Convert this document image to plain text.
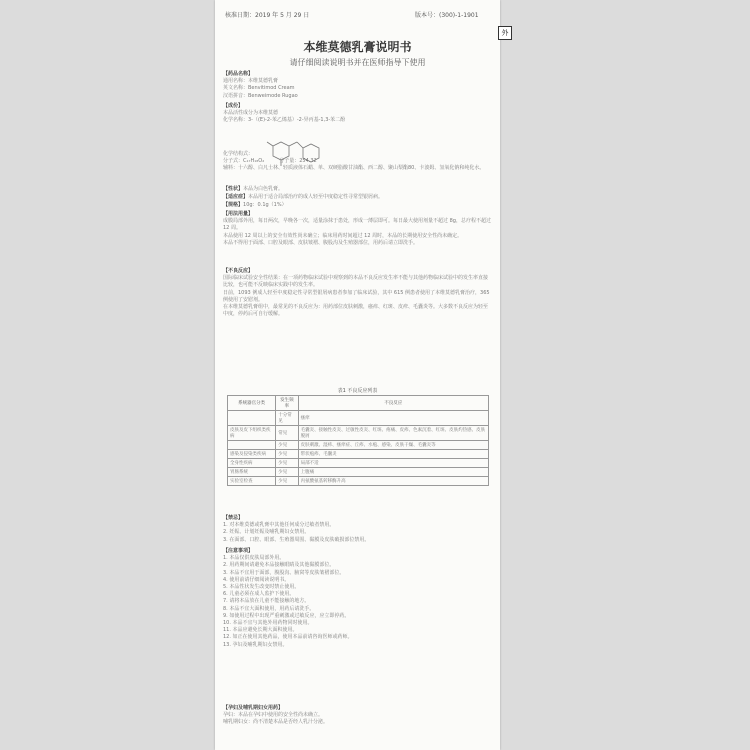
核准日期：2019 年 5 月 29 日	版本号：(300)-1-1901
本维莫德乳膏说明书
请仔细阅读说明书并在医师指导下使用
【药品名称】
通用名称：本维莫德乳膏
英文名称：Benvitimod Cream
汉语拼音：Benweimode Rugao
【成份】
本品活性成分为本维莫德
化学名称：3-（(E)-2-苯乙烯基）-2-异丙基-1,3-苯二酚
化学结构式：
分子式：C₁₇H₁₈O₂　　　分子量：254.32
辅料：十六醇、白凡士林、轻质液体石蜡、单、双硬脂酸甘油酯、西二醇、聚山梨酯80、卡波姆、氢氧化钠和纯化水。
【性状】本品为白色乳膏。
【适应症】本品用于适合局部治疗的成人轻至中度稳定性寻常型银屑病。
【规格】10g：0.1g（1%）
【用法用量】
成膜局部外用，每日两次，早晚各一次，适量涂抹于患处，形成一薄层即可。每日最大使用剂量不超过 8g，总疗程不超过 12 周。
本品使用 12 周以上的安全有效性尚未确立；临床用药时间超过 12 周时，本品的长期使用安全性尚未确定。
本品不得用于面部、口腔及眼部、皮肤皱褶、腹股沟及生殖器部位，用药后请立即洗手。
【不良反应】
国际临床试验安全性结果：在一项药物临床试验中观察到的本品不良反应发生率不能与其他药物临床试验中的发生率直接比较，也可能不反映临床实践中的发生率。
日前，1093 例成人轻至中度稳定性寻常型银屑病患者参加了临床试验，其中 615 例患者使用了本维莫德乳膏治疗，365 例使用了安慰剂。
在本维莫德乳膏组中，最常见的不良反应为：用药部位皮肤刺激，瘙痒、红斑、皮疹、毛囊炎等。大多数不良反应为轻至中度，停药后可自行缓解。
表1 不良反应列表
系统器官分类	发生频率	不良反应
	十分常见	瘙痒
皮肤及皮下组织类疾病	常见	毛囊炎、接触性皮炎、过敏性皮炎、红斑、疼痛、皮疹、色素沉着、红斑、皮肤灼热感、皮肤脱屑
	少见	皮肤刺激、湿疹、瘙痒症、丘疹、水疱、感染、皮肤干燥、毛囊炎等
感染及侵染类疾病	少见	带状疱疹、毛囊炎
全身性疾病	少见	局部不适
胃肠系统	少见	上腹痛
实验室检查	少见	丙氨酸氨基转移酶升高
【禁忌】
1. 对本维莫德或乳膏中其他任何成分过敏者禁用。
2. 妊娠、计划妊娠及哺乳期妇女禁用。
3. 在面部、口腔、眼部、生殖器周围、黏膜及皮肤破损部位禁用。
【注意事项】
1. 本品仅供皮肤局部外用。
2. 用药期间请避免本品接触眼睛及其他黏膜部位。
3. 本品不宜用于面部，腹股沟、腋窝等皮肤皱褶部位。
4. 使用前请仔细阅读说明书。
5. 本品性状发生改变时禁止使用。
6. 儿童必须在成人监护下使用。
7. 请将本品放在儿童不能接触的地方。
8. 本品不宜大面积使用，用药后请洗手。
9. 如使用过程中出现严重刺激或过敏反应，应立即停药。
10. 本品不宜与其他外用药物同时使用。
11. 本品应避免长期大面积使用。
12. 如正在使用其他药品，使用本品前请咨询医师或药师。
13. 孕妇及哺乳期妇女禁用。
【孕妇及哺乳期妇女用药】
孕妇：本品在孕妇中使用的安全性尚未确立。
哺乳期妇女：尚不清楚本品是否经人乳汁分泌。
外
